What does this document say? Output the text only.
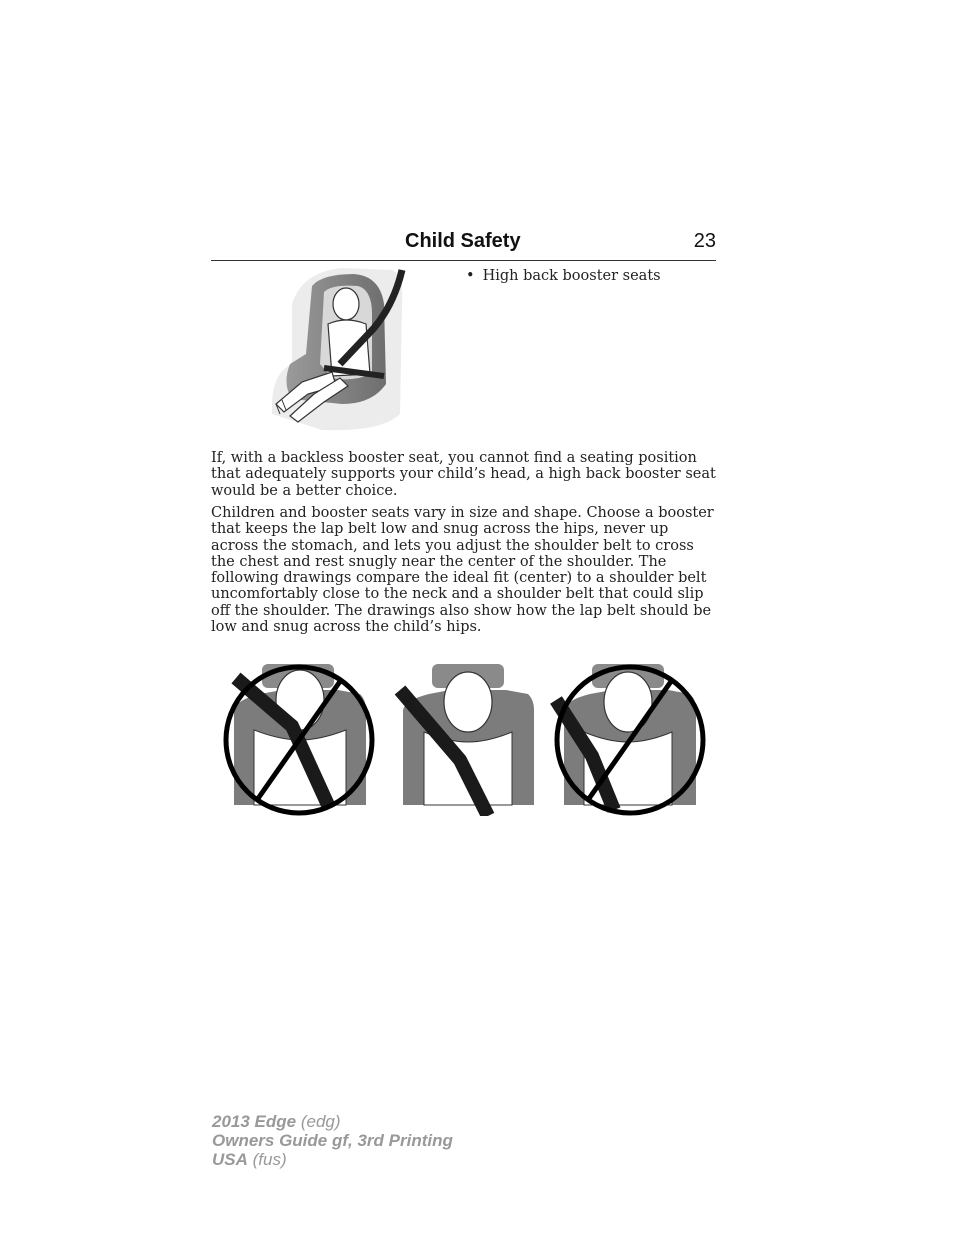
Child Safety	23
• High back booster seats

If, with a backless booster seat, you cannot find a seating position that adequately supports your child’s head, a high back booster seat would be a better choice.

Children and booster seats vary in size and shape. Choose a booster that keeps the lap belt low and snug across the hips, never up across the stomach, and lets you adjust the shoulder belt to cross the chest and rest snugly near the center of the shoulder. The following drawings compare the ideal fit (center) to a shoulder belt uncomfortably close to the neck and a shoulder belt that could slip off the shoulder. The drawings also show how the lap belt should be low and snug across the child’s hips.

2013 Edge (edg)
Owners Guide gf, 3rd Printing
USA (fus)
